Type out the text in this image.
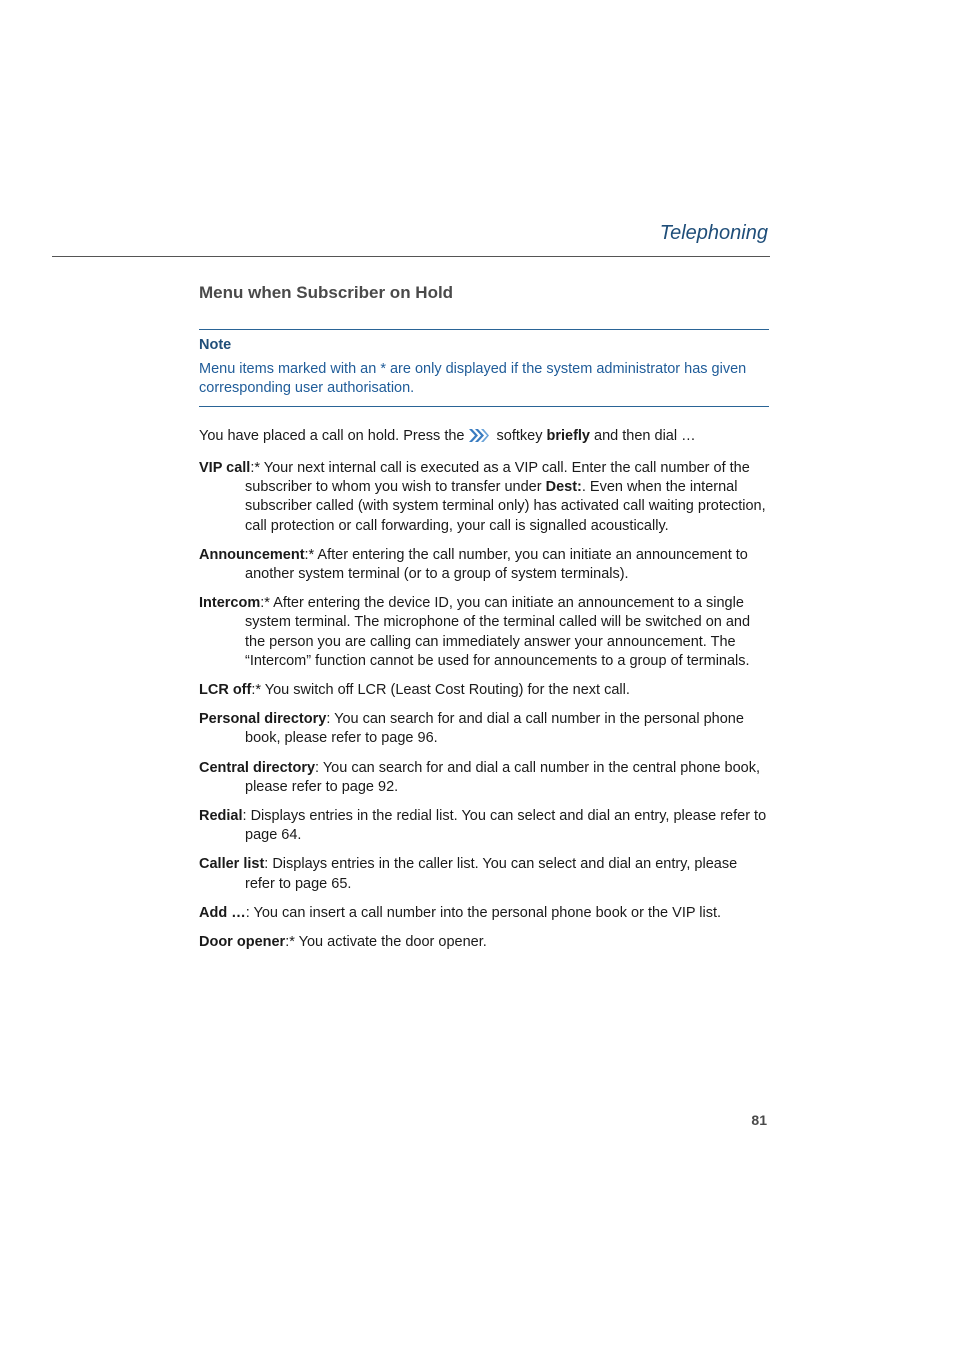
Telephoning
Menu when Subscriber on Hold
Note
Menu items marked with an * are only displayed if the system administrator has given corresponding user authorisation.

You have placed a call on hold. Press the softkey briefly and then dial …

VIP call:* Your next internal call is executed as a VIP call. Enter the call number of the subscriber to whom you wish to transfer under Dest:. Even when the internal subscriber called (with system terminal only) has activated call waiting protection, call protection or call forwarding, your call is signalled acoustically.

Announcement:* After entering the call number, you can initiate an announcement to another system terminal (or to a group of system terminals).

Intercom:* After entering the device ID, you can initiate an announcement to a single system terminal. The microphone of the terminal called will be switched on and the person you are calling can immediately answer your announcement. The “Intercom” function cannot be used for announcements to a group of terminals.

LCR off:* You switch off LCR (Least Cost Routing) for the next call.

Personal directory: You can search for and dial a call number in the personal phone book, please refer to page 96.

Central directory: You can search for and dial a call number in the central phone book, please refer to page 92.

Redial: Displays entries in the redial list. You can select and dial an entry, please refer to page 64.

Caller list: Displays entries in the caller list. You can select and dial an entry, please refer to page 65.

Add …: You can insert a call number into the personal phone book or the VIP list.

Door opener:* You activate the door opener.

81
